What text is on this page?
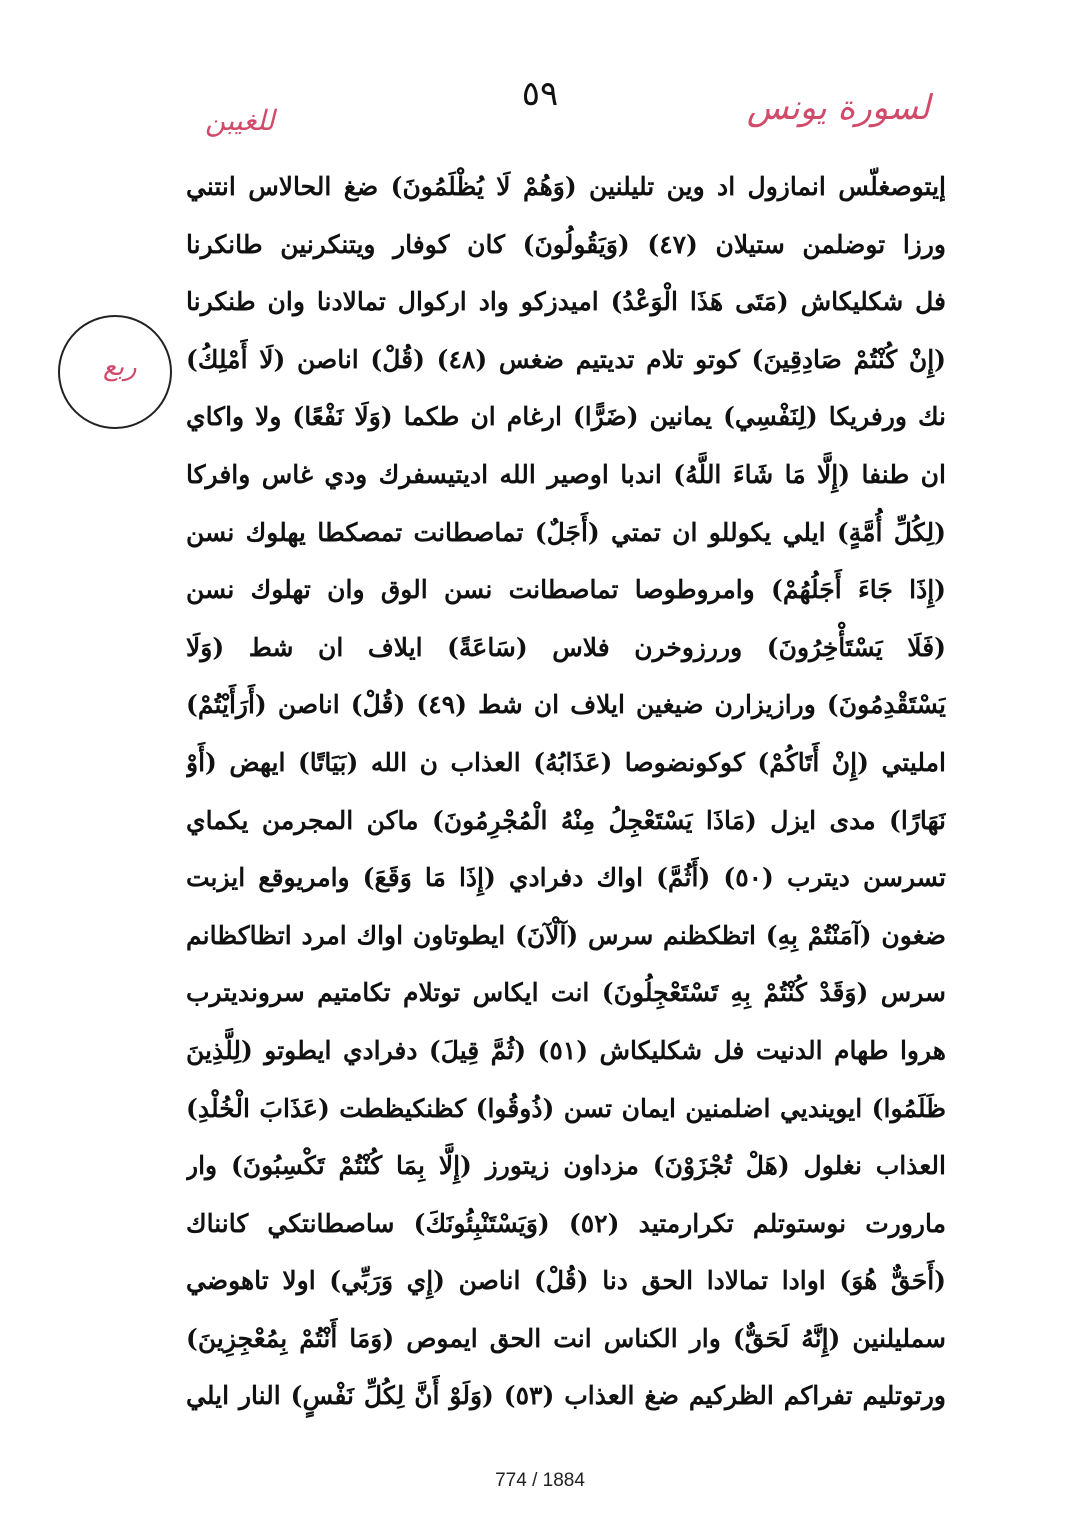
٥٩	لسورة يونس
للغيبن
ربع
إيتوصغلّس انمازول اد وين تليلنين (وَهُمْ لَا يُظْلَمُونَ) ضغ الحالاس انتني
ورزا توضلمن ستيلان (٤٧) (وَيَقُولُونَ) كان كوفار ويتنكرنين طانكرنا
فل شكليكاش (مَتَى هَذَا الْوَعْدُ) اميدزكو واد اركوال تمالادنا وان طنكرنا
(إِنْ كُنْتُمْ صَادِقِينَ) كوتو تلام تديتيم ضغس (٤٨) (قُلْ) اناصن (لَا أَمْلِكُ)
نك ورفريكا (لِنَفْسِي) يمانين (ضَرًّا) ارغام ان طكما (وَلَا نَفْعًا) ولا واكاي
ان طنفا (إِلَّا مَا شَاءَ اللَّهُ) اندبا اوصير الله اديتيسفرك ودي غاس وافركا
(لِكُلِّ أُمَّةٍ) ايلي يكوللو ان تمتي (أَجَلٌ) تماصطانت تمصكطا يهلوك نسن
(إِذَا جَاءَ أَجَلُهُمْ) وامروطوصا تماصطانت نسن الوق وان تهلوك نسن
(فَلَا يَسْتَأْخِرُونَ) وررزوخرن فلاس (سَاعَةً) ايلاف ان شط (وَلَا
يَسْتَقْدِمُونَ) ورازيزارن ضيغين ايلاف ان شط (٤٩) (قُلْ) اناصن (أَرَأَيْتُمْ)
امليتي (إِنْ أَتَاكُمْ) كوكونضوصا (عَذَابُهُ) العذاب ن الله (بَيَاتًا) ايهض (أَوْ
نَهَارًا) مدى ايزل (مَاذَا يَسْتَعْجِلُ مِنْهُ الْمُجْرِمُونَ) ماكن المجرمن يكماي
تسرسن ديترب (٥٠) (أَثُمَّ) اواك دفرادي (إِذَا مَا وَقَعَ) وامريوقع ايزبت
ضغون (آمَنْتُمْ بِهِ) اتظكظنم سرس (آلْآنَ) ايطوتاون اواك امرد اتظاكظانم
سرس (وَقَدْ كُنْتُمْ بِهِ تَسْتَعْجِلُونَ) انت ايكاس توتلام تكامتيم سرونديترب
هروا طهام الدنيت فل شكليكاش (٥١) (ثُمَّ قِيلَ) دفرادي ايطوتو (لِلَّذِينَ
ظَلَمُوا) ايوينديي اضلمنين ايمان تسن (ذُوقُوا) كظنكيظطت (عَذَابَ الْخُلْدِ)
العذاب نغلول (هَلْ تُجْزَوْنَ) مزداون زيتورز (إِلَّا بِمَا كُنْتُمْ تَكْسِبُونَ) وار
مارورت نوستوتلم تكرارمتيد (٥٢) (وَيَسْتَنْبِئُونَكَ) ساصطانتكي كانناك
(أَحَقٌّ هُوَ) اوادا تمالادا الحق دنا (قُلْ) اناصن (إِي وَرَبِّي) اولا تاهوضي
سمليلنين (إِنَّهُ لَحَقٌّ) وار الكناس انت الحق ايموص (وَمَا أَنْتُمْ بِمُعْجِزِينَ)
ورتوتليم تفراكم الظركيم ضغ العذاب (٥٣) (وَلَوْ أَنَّ لِكُلِّ نَفْسٍ) النار ايلي
774 / 1884
